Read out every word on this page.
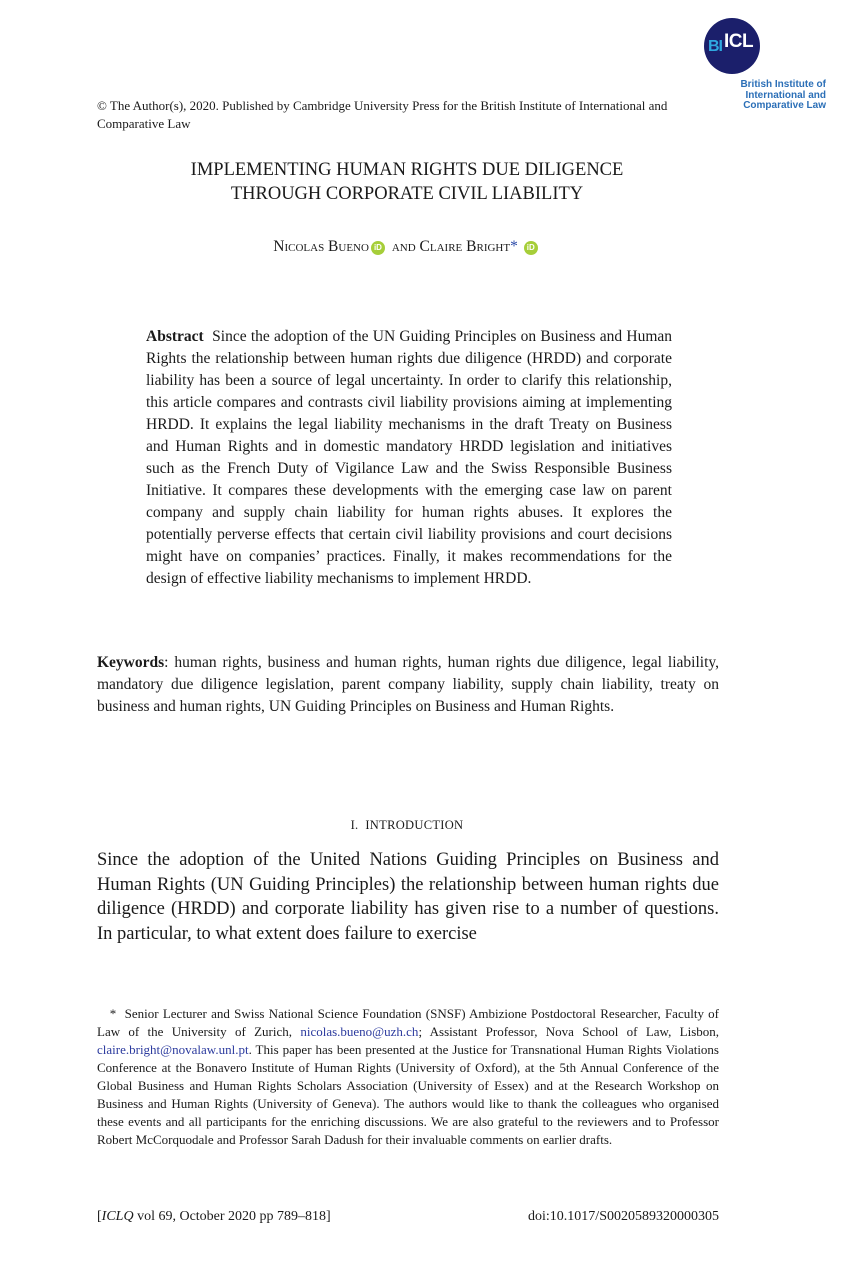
BI ICL
British Institute of
International and
Comparative Law
© The Author(s), 2020. Published by Cambridge University Press for the British Institute of International and Comparative Law
IMPLEMENTING HUMAN RIGHTS DUE DILIGENCE
THROUGH CORPORATE CIVIL LIABILITY
Nicolas Bueno iD and Claire Bright* iD
Abstract Since the adoption of the UN Guiding Principles on Business and Human Rights the relationship between human rights due diligence (HRDD) and corporate liability has been a source of legal uncertainty. In order to clarify this relationship, this article compares and contrasts civil liability provisions aiming at implementing HRDD. It explains the legal liability mechanisms in the draft Treaty on Business and Human Rights and in domestic mandatory HRDD legislation and initiatives such as the French Duty of Vigilance Law and the Swiss Responsible Business Initiative. It compares these developments with the emerging case law on parent company and supply chain liability for human rights abuses. It explores the potentially perverse effects that certain civil liability provisions and court decisions might have on companies’ practices. Finally, it makes recommendations for the design of effective liability mechanisms to implement HRDD.
Keywords: human rights, business and human rights, human rights due diligence, legal liability, mandatory due diligence legislation, parent company liability, supply chain liability, treaty on business and human rights, UN Guiding Principles on Business and Human Rights.
I. INTRODUCTION
Since the adoption of the United Nations Guiding Principles on Business and Human Rights (UN Guiding Principles) the relationship between human rights due diligence (HRDD) and corporate liability has given rise to a number of questions. In particular, to what extent does failure to exercise
* Senior Lecturer and Swiss National Science Foundation (SNSF) Ambizione Postdoctoral Researcher, Faculty of Law of the University of Zurich, nicolas.bueno@uzh.ch; Assistant Professor, Nova School of Law, Lisbon, claire.bright@novalaw.unl.pt. This paper has been presented at the Justice for Transnational Human Rights Violations Conference at the Bonavero Institute of Human Rights (University of Oxford), at the 5th Annual Conference of the Global Business and Human Rights Scholars Association (University of Essex) and at the Research Workshop on Business and Human Rights (University of Geneva). The authors would like to thank the colleagues who organised these events and all participants for the enriching discussions. We are also grateful to the reviewers and to Professor Robert McCorquodale and Professor Sarah Dadush for their invaluable comments on earlier drafts.
[ICLQ vol 69, October 2020 pp 789–818]	doi:10.1017/S0020589320000305
